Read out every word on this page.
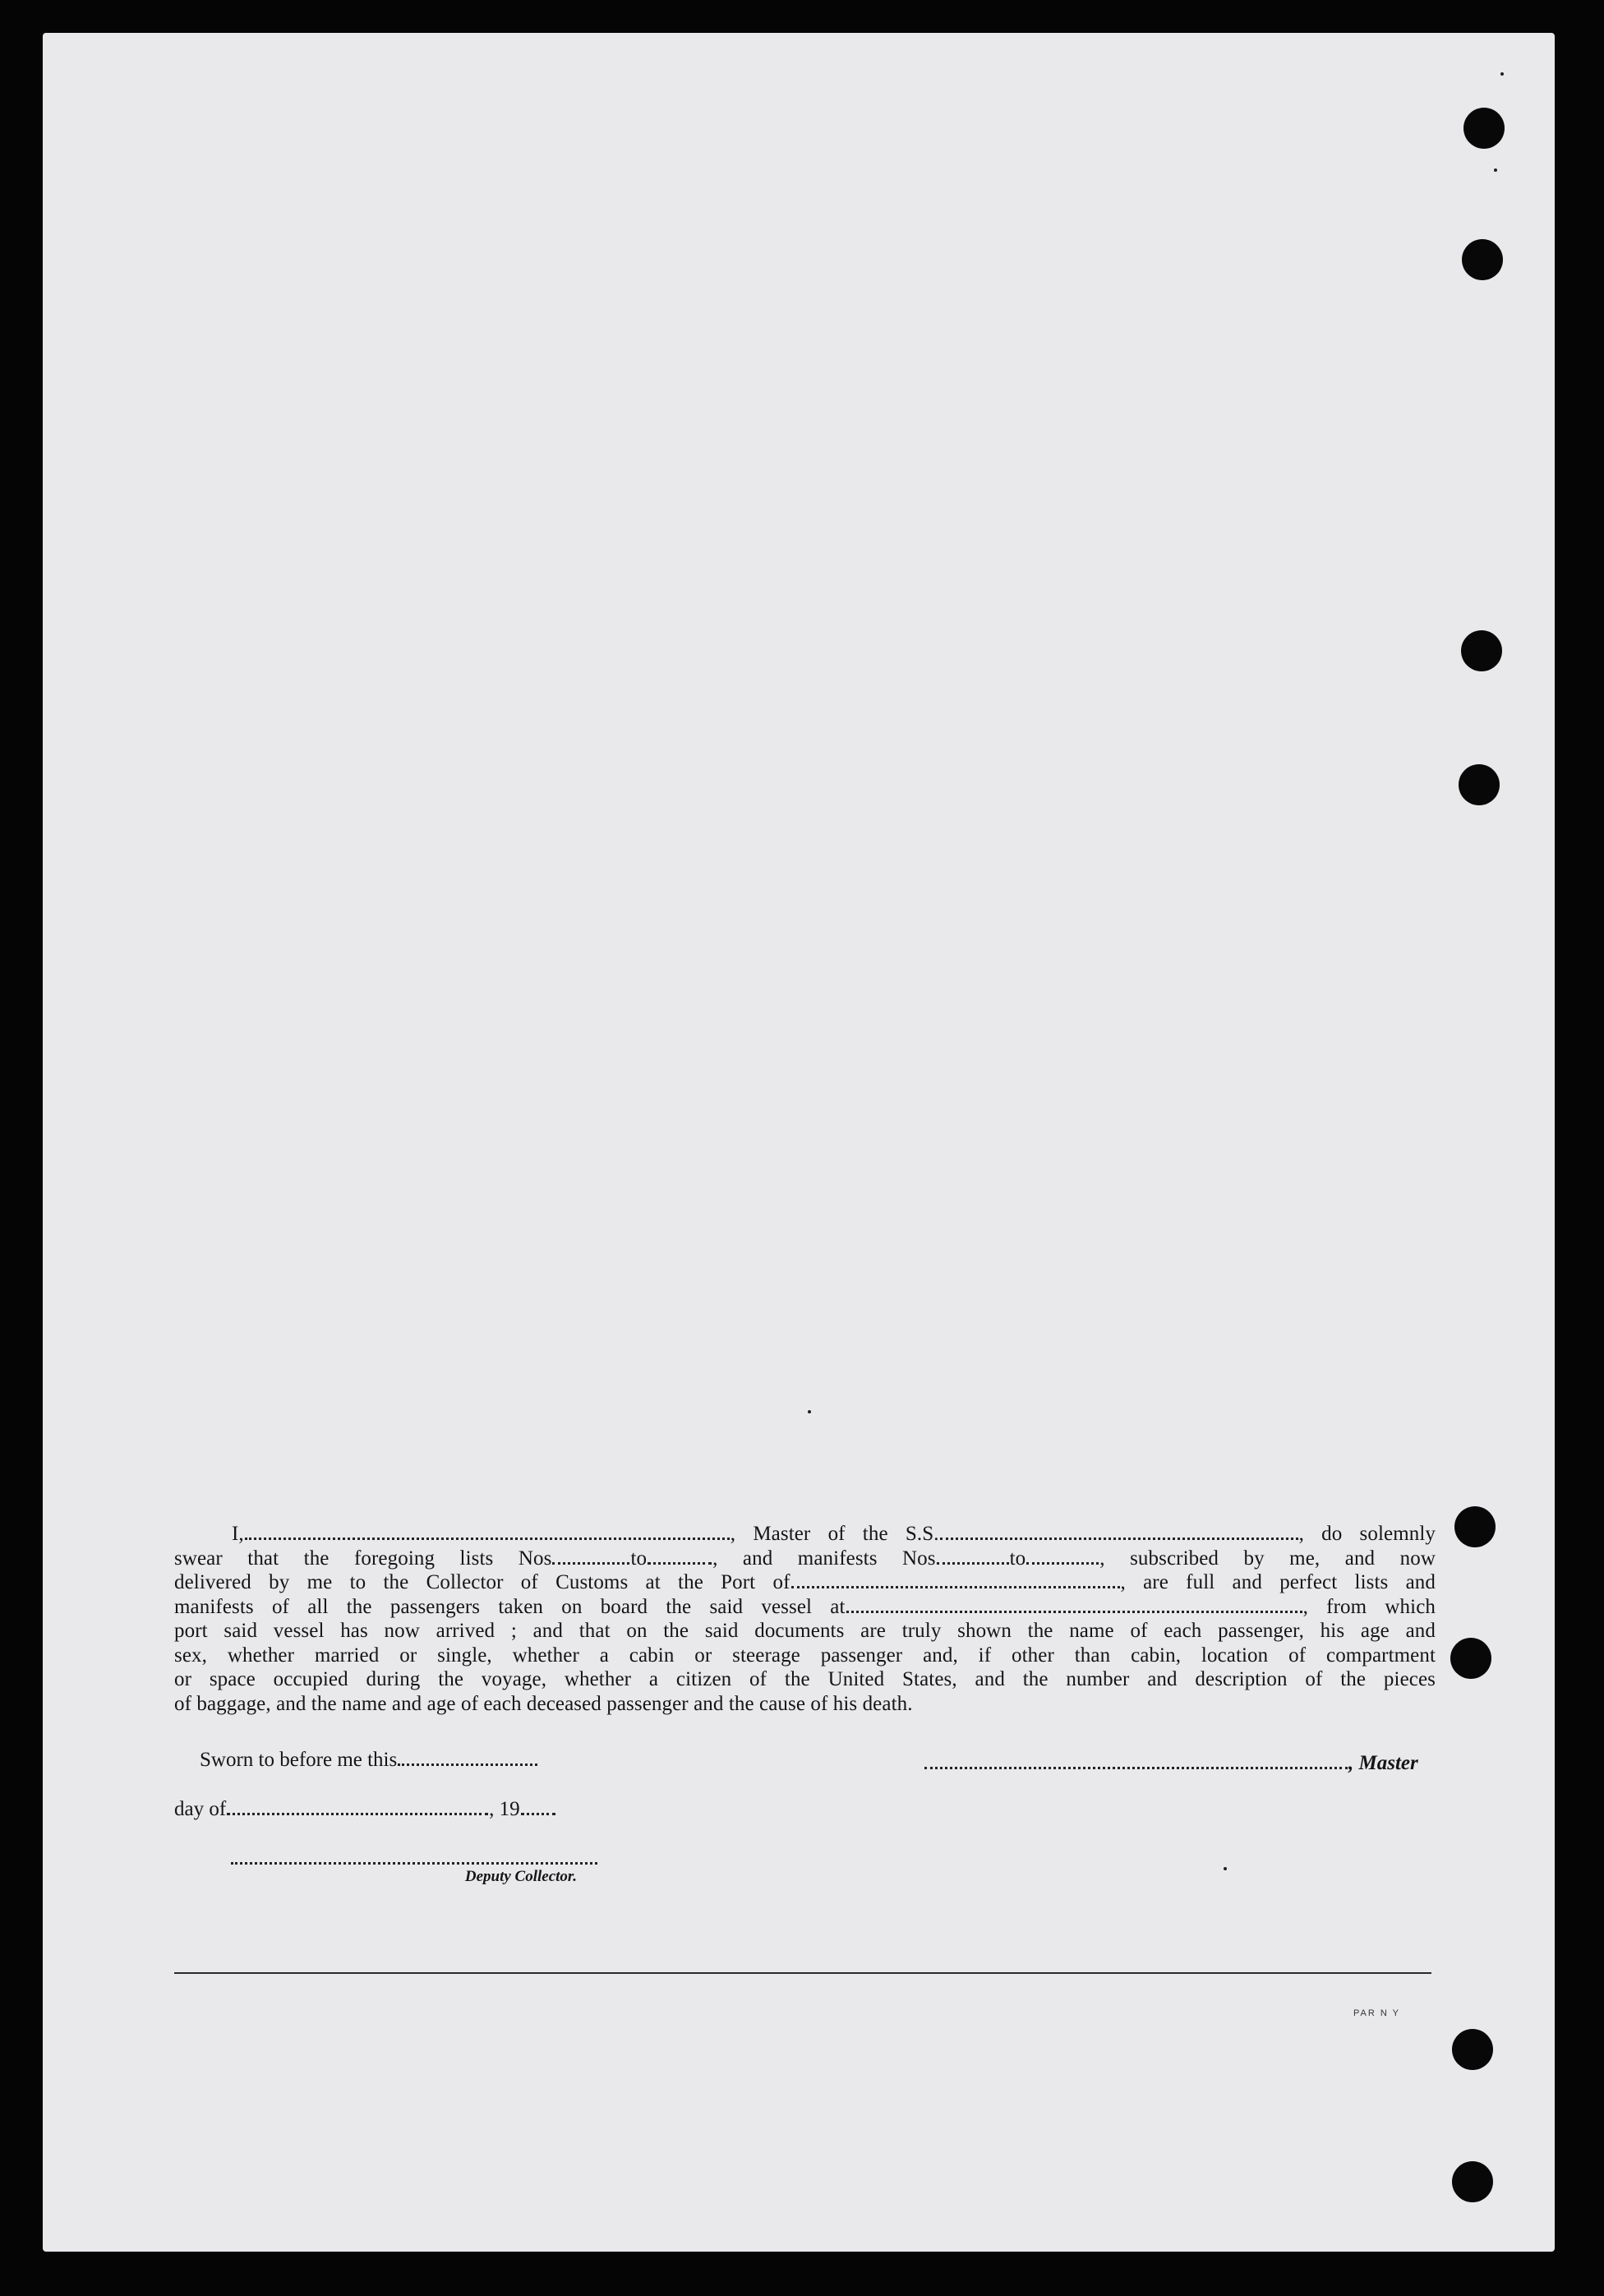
I,	, Master of the S.S.	, do solemnly

swear that the foregoing lists Nos	to	, and manifests Nos	to	, subscribed by me, and now

delivered by me to the Collector of Customs at the Port of	, are full and perfect lists and

manifests of all the passengers taken on board the said vessel at	, from which

port said vessel has now arrived ; and that on the said documents are truly shown the name of each passenger, his age and

sex, whether married or single, whether a cabin or steerage passenger and, if other than cabin, location of compartment

or space occupied during the voyage, whether a citizen of the United States, and the number and description of the pieces

of baggage, and the name and age of each deceased passenger and the cause of his death.

Sworn to before me this	, Master
day of	, 19
Deputy Collector.
PAR N Y
